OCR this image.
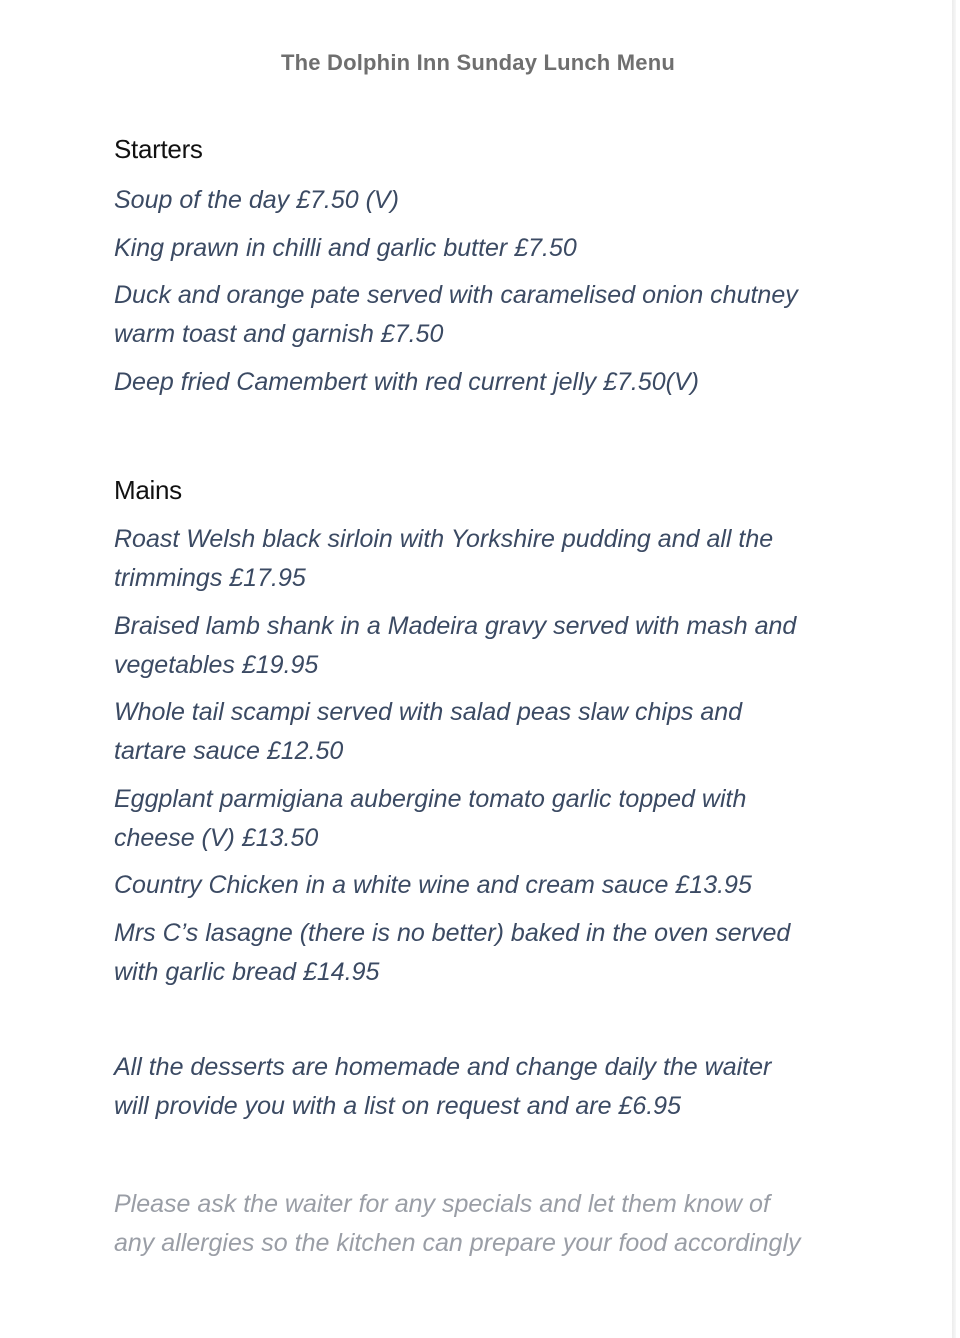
The Dolphin Inn Sunday Lunch Menu
Starters
Soup of the day £7.50 (V)
King prawn in chilli and garlic butter £7.50
Duck and orange pate served with caramelised onion chutney
warm toast and garnish £7.50
Deep fried Camembert with red current jelly £7.50(V)
Mains
Roast Welsh black sirloin with Yorkshire pudding and all the
trimmings £17.95
Braised lamb shank in a Madeira gravy served with mash and
vegetables £19.95
Whole tail scampi served with salad peas slaw chips and
tartare sauce £12.50
Eggplant parmigiana aubergine tomato garlic topped with
cheese (V) £13.50
Country Chicken in a white wine and cream sauce £13.95
Mrs C’s lasagne (there is no better) baked in the oven served
with garlic bread £14.95
All the desserts are homemade and change daily the waiter
will provide you with a list on request and are £6.95
Please ask the waiter for any specials and let them know of
any allergies so the kitchen can prepare your food accordingly
